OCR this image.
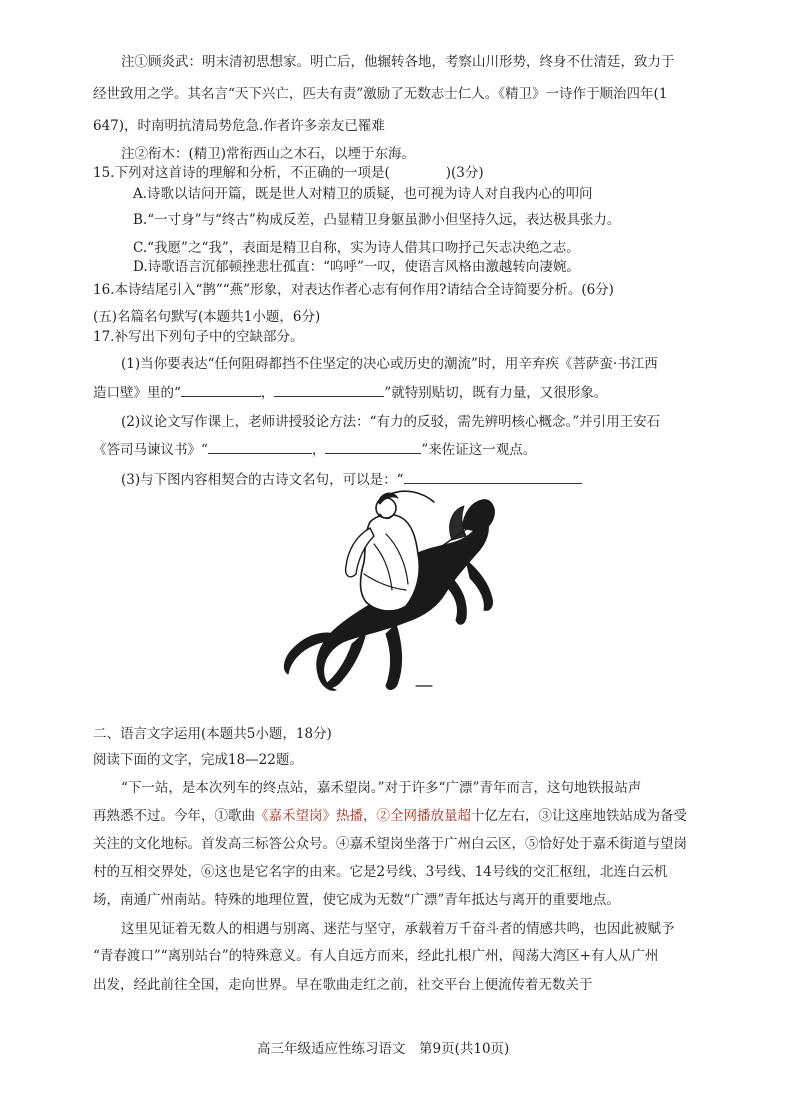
注①顾炎武：明末清初思想家。明亡后，他辗转各地，考察山川形势，终身不仕清廷，致力于
经世致用之学。其名言“天下兴亡，匹夫有责”激励了无数志士仁人。《精卫》一诗作于顺治四年(1
647)，时南明抗清局势危急.作者许多亲友已罹难
注②衔木：(精卫)常衔西山之木石，以堙于东海。
15.下列对这首诗的理解和分析，不正确的一项是(	)(3分)
A.诗歌以诘问开篇，既是世人对精卫的质疑，也可视为诗人对自我内心的叩问
B.“一寸身”与“终古”构成反差，凸显精卫身躯虽渺小但坚持久远，表达极具张力。
C.“我愿”之“我”，表面是精卫自称，实为诗人借其口吻抒己矢志决绝之志。
D.诗歌语言沉郁顿挫悲壮孤直：“呜呼”一叹，使语言风格由激越转向凄婉。
16.本诗结尾引入“鹊”“燕”形象，对表达作者心志有何作用?请结合全诗简要分析。(6分)
(五)名篇名句默写(本题共1小题，6分)
17.补写出下列句子中的空缺部分。
(1)当你要表达“任何阻碍都挡不住坚定的决心或历史的潮流”时，用辛弃疾《菩萨蛮·书江西
造口壁》里的“	，	”就特别贴切，既有力量，又很形象。
(2)议论文写作课上，老师讲授驳论方法：“有力的反驳，需先辨明核心概念。”并引用王安石
《答司马谏议书》“	，	”来佐证这一观点。
(3)与下图内容相契合的古诗文名句，可以是：“
二、语言文字运用(本题共5小题，18分)
阅读下面的文字，完成18—22题。
“下一站，是本次列车的终点站，嘉禾望岗。”对于许多“广漂”青年而言，这句地铁报站声
再熟悉不过。今年，①歌曲《嘉禾望岗》热播，②全网播放量超十亿左右，③让这座地铁站成为备受
关注的文化地标。首发高三标答公众号。④嘉禾望岗坐落于广州白云区，⑤恰好处于嘉禾街道与望岗
村的互相交界处，⑥这也是它名字的由来。它是2号线、3号线、14号线的交汇枢纽，北连白云机
场，南通广州南站。特殊的地理位置，使它成为无数“广漂”青年抵达与离开的重要地点。
这里见证着无数人的相遇与别离、迷茫与坚守，承载着万千奋斗者的情感共鸣，也因此被赋予
“青春渡口”“离别站台”的特殊意义。有人自远方而来，经此扎根广州，闯荡大湾区+有人从广州
出发，经此前往全国，走向世界。早在歌曲走红之前，社交平台上便流传着无数关于
高三年级适应性练习语文　第9页(共10页)
